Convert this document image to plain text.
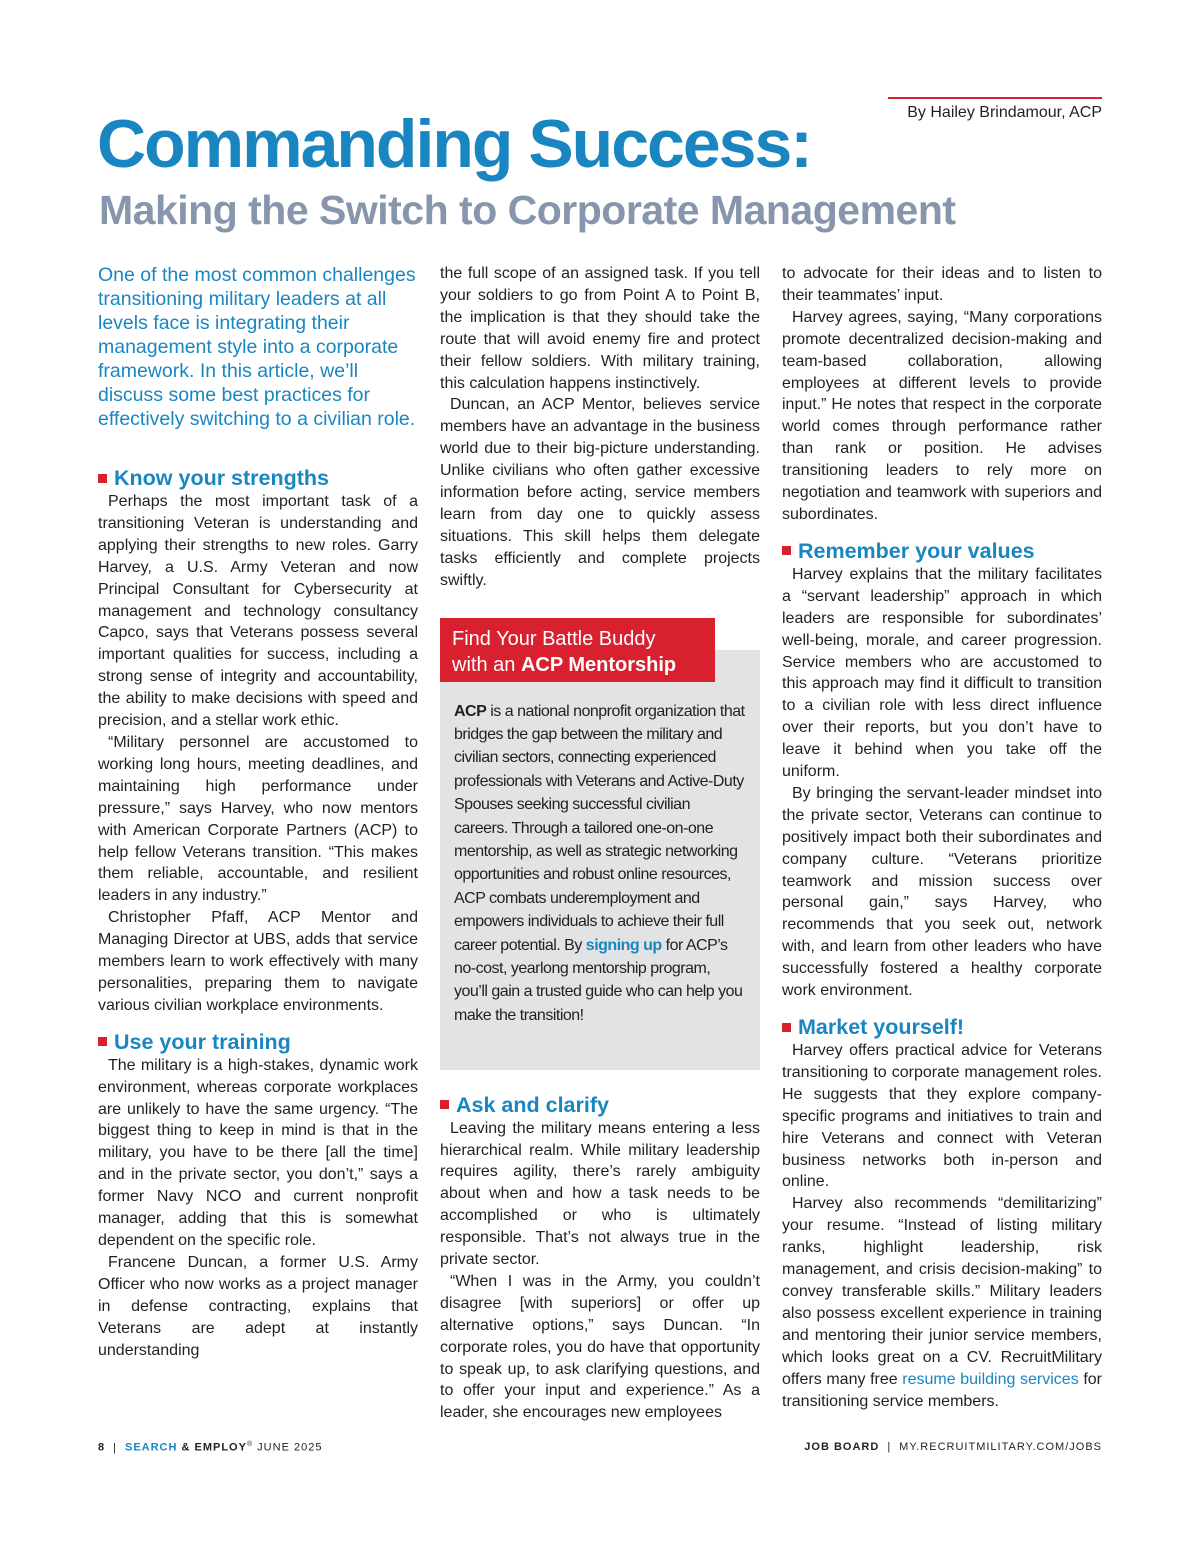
By Hailey Brindamour, ACP
Commanding Success:
Making the Switch to Corporate Management

One of the most common challenges transitioning military leaders at all levels face is integrating their management style into a corporate framework. In this article, we’ll discuss some best practices for effectively switching to a civilian role.

Know your strengths

Perhaps the most important task of a transitioning Veteran is understanding and applying their strengths to new roles. Garry Harvey, a U.S. Army Veteran and now Principal Consultant for Cybersecurity at management and technology consultancy Capco, says that Veterans possess several important qualities for success, including a strong sense of integrity and accountability, the ability to make decisions with speed and precision, and a stellar work ethic.

“Military personnel are accustomed to working long hours, meeting deadlines, and maintaining high performance under pressure,” says Harvey, who now mentors with American Corporate Partners (ACP) to help fellow Veterans transition. “This makes them reliable, accountable, and resilient leaders in any industry.”

Christopher Pfaff, ACP Mentor and Managing Director at UBS, adds that service members learn to work effectively with many personalities, preparing them to navigate various civilian workplace environments.

Use your training

The military is a high-stakes, dynamic work environment, whereas corporate workplaces are unlikely to have the same urgency. “The biggest thing to keep in mind is that in the military, you have to be there [all the time] and in the private sector, you don’t,” says a former Navy NCO and current nonprofit manager, adding that this is somewhat dependent on the specific role.

Francene Duncan, a former U.S. Army Officer who now works as a project manager in defense contracting, explains that Veterans are adept at instantly understanding

the full scope of an assigned task. If you tell your soldiers to go from Point A to Point B, the implication is that they should take the route that will avoid enemy fire and protect their fellow soldiers. With military training, this calculation happens instinctively.

Duncan, an ACP Mentor, believes service members have an advantage in the business world due to their big-picture understanding. Unlike civilians who often gather excessive information before acting, service members learn from day one to quickly assess situations. This skill helps them delegate tasks efficiently and complete projects swiftly.

Find Your Battle Buddy
with an ACP Mentorship

ACP is a national nonprofit organization that bridges the gap between the military and civilian sectors, connecting experienced professionals with Veterans and Active-Duty Spouses seeking successful civilian careers. Through a tailored one-on-one mentorship, as well as strategic networking opportunities and robust online resources, ACP combats underemployment and empowers individuals to achieve their full career potential. By signing up for ACP’s no-cost, yearlong mentorship program, you’ll gain a trusted guide who can help you make the transition!

Ask and clarify

Leaving the military means entering a less hierarchical realm. While military leadership requires agility, there’s rarely ambiguity about when and how a task needs to be accomplished or who is ultimately responsible. That’s not always true in the private sector.

“When I was in the Army, you couldn’t disagree [with superiors] or offer up alternative options,” says Duncan. “In corporate roles, you do have that opportunity to speak up, to ask clarifying questions, and to offer your input and experience.” As a leader, she encourages new employees

to advocate for their ideas and to listen to their teammates’ input.

Harvey agrees, saying, “Many corporations promote decentralized decision-making and team-based collaboration, allowing employees at different levels to provide input.” He notes that respect in the corporate world comes through performance rather than rank or position. He advises transitioning leaders to rely more on negotiation and teamwork with superiors and subordinates.

Remember your values

Harvey explains that the military facilitates a “servant leadership” approach in which leaders are responsible for subordinates’ well-being, morale, and career progression. Service members who are accustomed to this approach may find it difficult to transition to a civilian role with less direct influence over their reports, but you don’t have to leave it behind when you take off the uniform.

By bringing the servant-leader mindset into the private sector, Veterans can continue to positively impact both their subordinates and company culture. “Veterans prioritize teamwork and mission success over personal gain,” says Harvey, who recommends that you seek out, network with, and learn from other leaders who have successfully fostered a healthy corporate work environment.

Market yourself!

Harvey offers practical advice for Veterans transitioning to corporate management roles. He suggests that they explore company-specific programs and initiatives to train and hire Veterans and connect with Veteran business networks both in-person and online.

Harvey also recommends “demilitarizing” your resume. “Instead of listing military ranks, highlight leadership, risk management, and crisis decision-making” to convey transferable skills.” Military leaders also possess excellent experience in training and mentoring their junior service members, which looks great on a CV. RecruitMilitary offers many free resume building services for transitioning service members.

8 | SEARCH & EMPLOY® JUNE 2025	JOB BOARD | MY.RECRUITMILITARY.COM/JOBS
